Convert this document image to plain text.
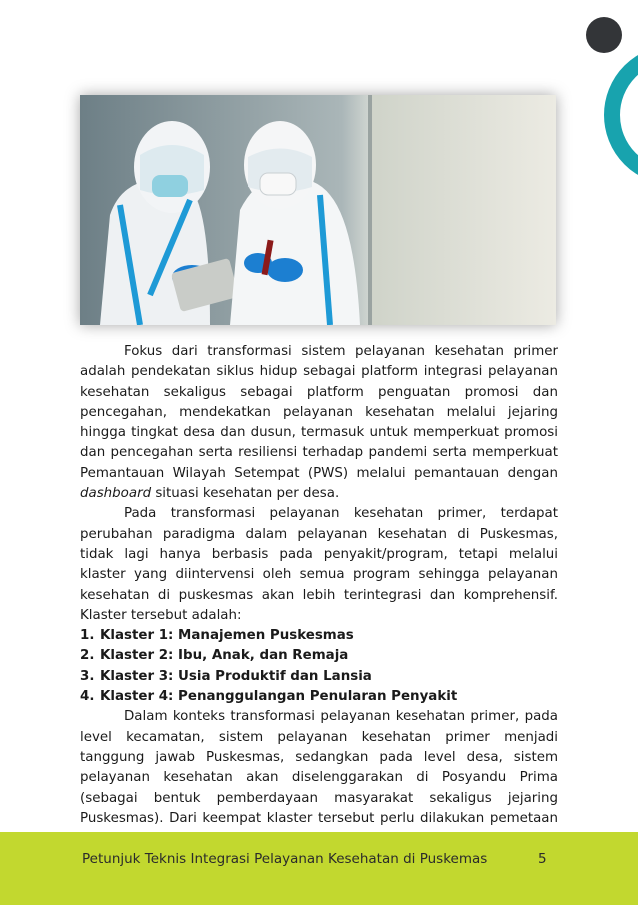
Fokus dari transformasi sistem pelayanan kesehatan primer adalah pendekatan siklus hidup sebagai platform integrasi pelayanan kesehatan sekaligus sebagai platform penguatan promosi dan pencegahan, mendekatkan pelayanan kesehatan melalui jejaring hingga tingkat desa dan dusun, termasuk untuk memperkuat promosi dan pencegahan serta resiliensi terhadap pandemi serta memperkuat Pemantauan Wilayah Setempat (PWS) melalui pemantauan dengan dashboard situasi kesehatan per desa.

Pada transformasi pelayanan kesehatan primer, terdapat perubahan paradigma dalam pelayanan kesehatan di Puskesmas, tidak lagi hanya berbasis pada penyakit/program, tetapi melalui klaster yang diintervensi oleh semua program sehingga pelayanan kesehatan di puskesmas akan lebih terintegrasi dan komprehensif. Klaster tersebut adalah:

1. Klaster 1: Manajemen Puskesmas
2. Klaster 2: Ibu, Anak, dan Remaja
3. Klaster 3: Usia Produktif dan Lansia
4. Klaster 4: Penanggulangan Penularan Penyakit

Dalam konteks transformasi pelayanan kesehatan primer, pada level kecamatan, sistem pelayanan kesehatan primer menjadi tanggung jawab Puskesmas, sedangkan pada level desa, sistem pelayanan kesehatan akan diselenggarakan di Posyandu Prima (sebagai bentuk pemberdayaan masyarakat sekaligus jejaring Puskesmas). Dari keempat klaster tersebut perlu dilakukan pemetaan

Petunjuk Teknis Integrasi Pelayanan Kesehatan di Puskemas	5
